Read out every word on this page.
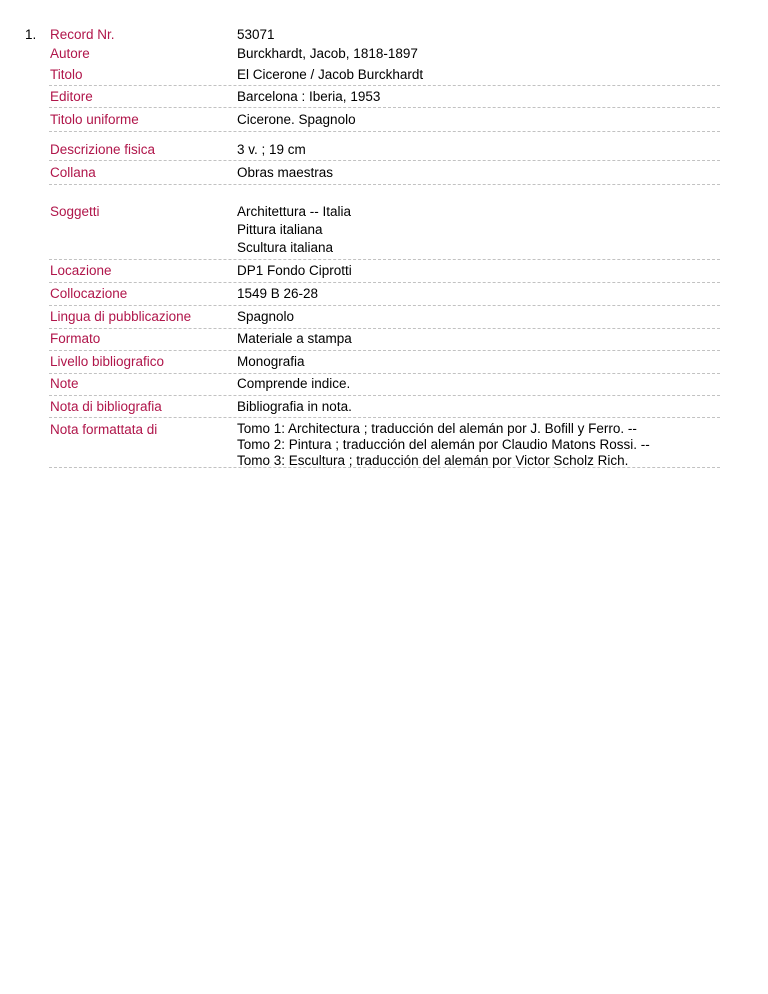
1. Record Nr.	53071
Autore	Burckhardt, Jacob, 1818-1897
Titolo	El Cicerone / Jacob Burckhardt
Editore	Barcelona : Iberia, 1953
Titolo uniforme	Cicerone. Spagnolo
Descrizione fisica	3 v. ; 19 cm
Collana	Obras maestras
Soggetti	Architettura -- Italia
Pittura italiana
Scultura italiana
Locazione	DP1 Fondo Ciprotti
Collocazione	1549 B 26-28
Lingua di pubblicazione	Spagnolo
Formato	Materiale a stampa
Livello bibliografico	Monografia
Note	Comprende indice.
Nota di bibliografia	Bibliografia in nota.
Nota formattata di	Tomo 1: Architectura ; traducción del alemán por J. Bofill y Ferro. --
Tomo 2: Pintura ; traducción del alemán por Claudio Matons Rossi. --
Tomo 3: Escultura ; traducción del alemán por Victor Scholz Rich.
